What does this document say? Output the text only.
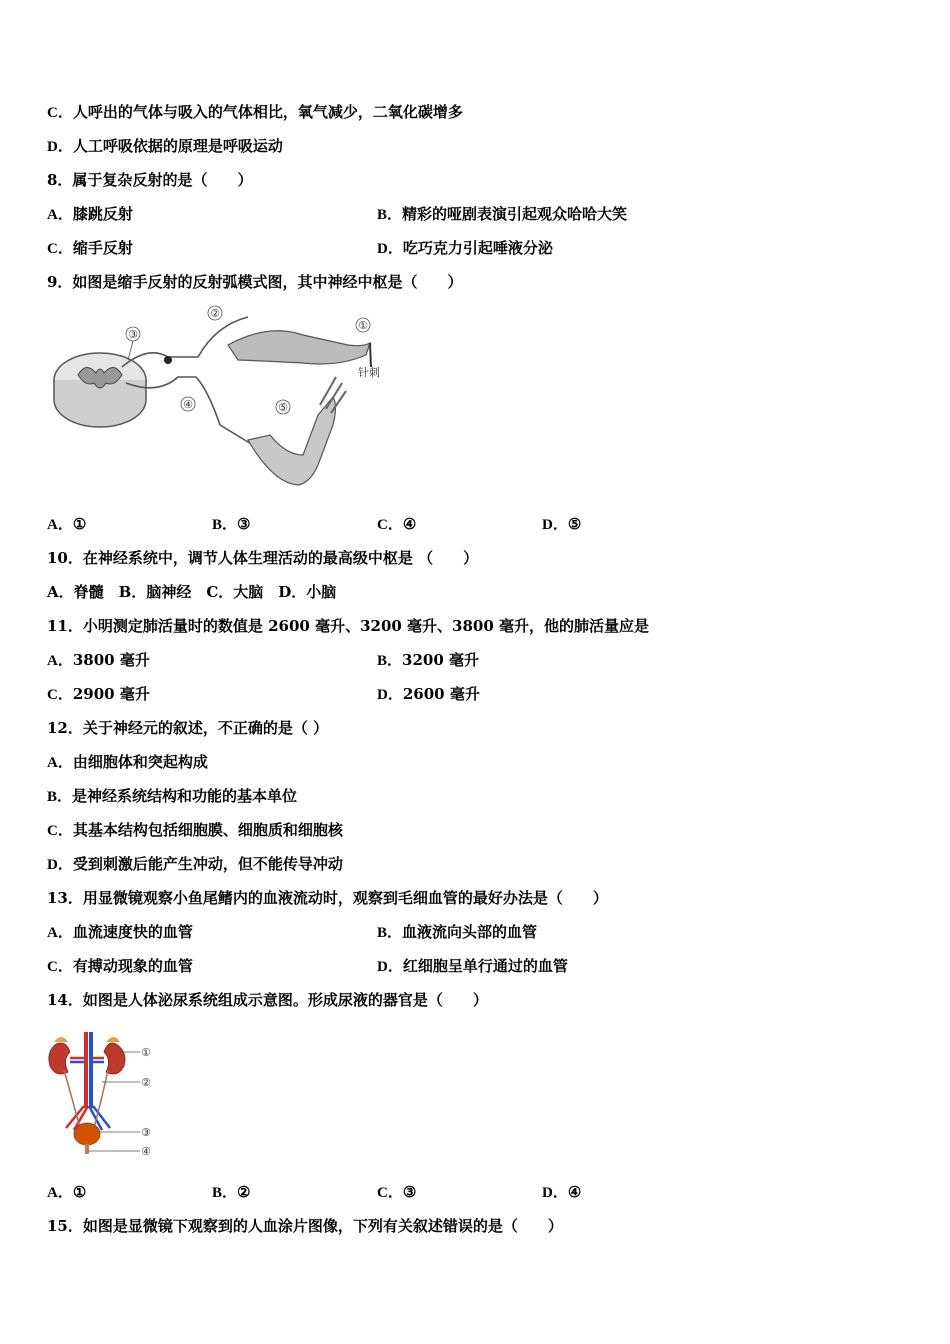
C．人呼出的气体与吸入的气体相比，氧气减少，二氧化碳增多
D．人工呼吸依据的原理是呼吸运动
8．属于复杂反射的是（　　）
A．膝跳反射	B．精彩的哑剧表演引起观众哈哈大笑
C．缩手反射	D．吃巧克力引起唾液分泌
9．如图是缩手反射的反射弧模式图，其中神经中枢是（　　）
③
②
①
④	⑤
针刺
A．①	B．③	C．④	D．⑤
10．在神经系统中，调节人体生理活动的最高级中枢是 （　　）
A．脊髓　B．脑神经　C．大脑　D．小脑
11．小明测定肺活量时的数值是 2600 毫升、3200 毫升、3800 毫升，他的肺活量应是
A．3800 毫升	B．3200 毫升
C．2900 毫升	D．2600 毫升
12．关于神经元的叙述，不正确的是（ ）
A．由细胞体和突起构成
B．是神经系统结构和功能的基本单位
C．其基本结构包括细胞膜、细胞质和细胞核
D．受到刺激后能产生冲动，但不能传导冲动
13．用显微镜观察小鱼尾鳍内的血液流动时，观察到毛细血管的最好办法是（　　）
A．血流速度快的血管	B．血液流向头部的血管
C．有搏动现象的血管	D．红细胞呈单行通过的血管
14．如图是人体泌尿系统组成示意图。形成尿液的器官是（　　）
①
②
③
④
A．①	B．②	C．③	D．④
15．如图是显微镜下观察到的人血涂片图像，下列有关叙述错误的是（　　）
